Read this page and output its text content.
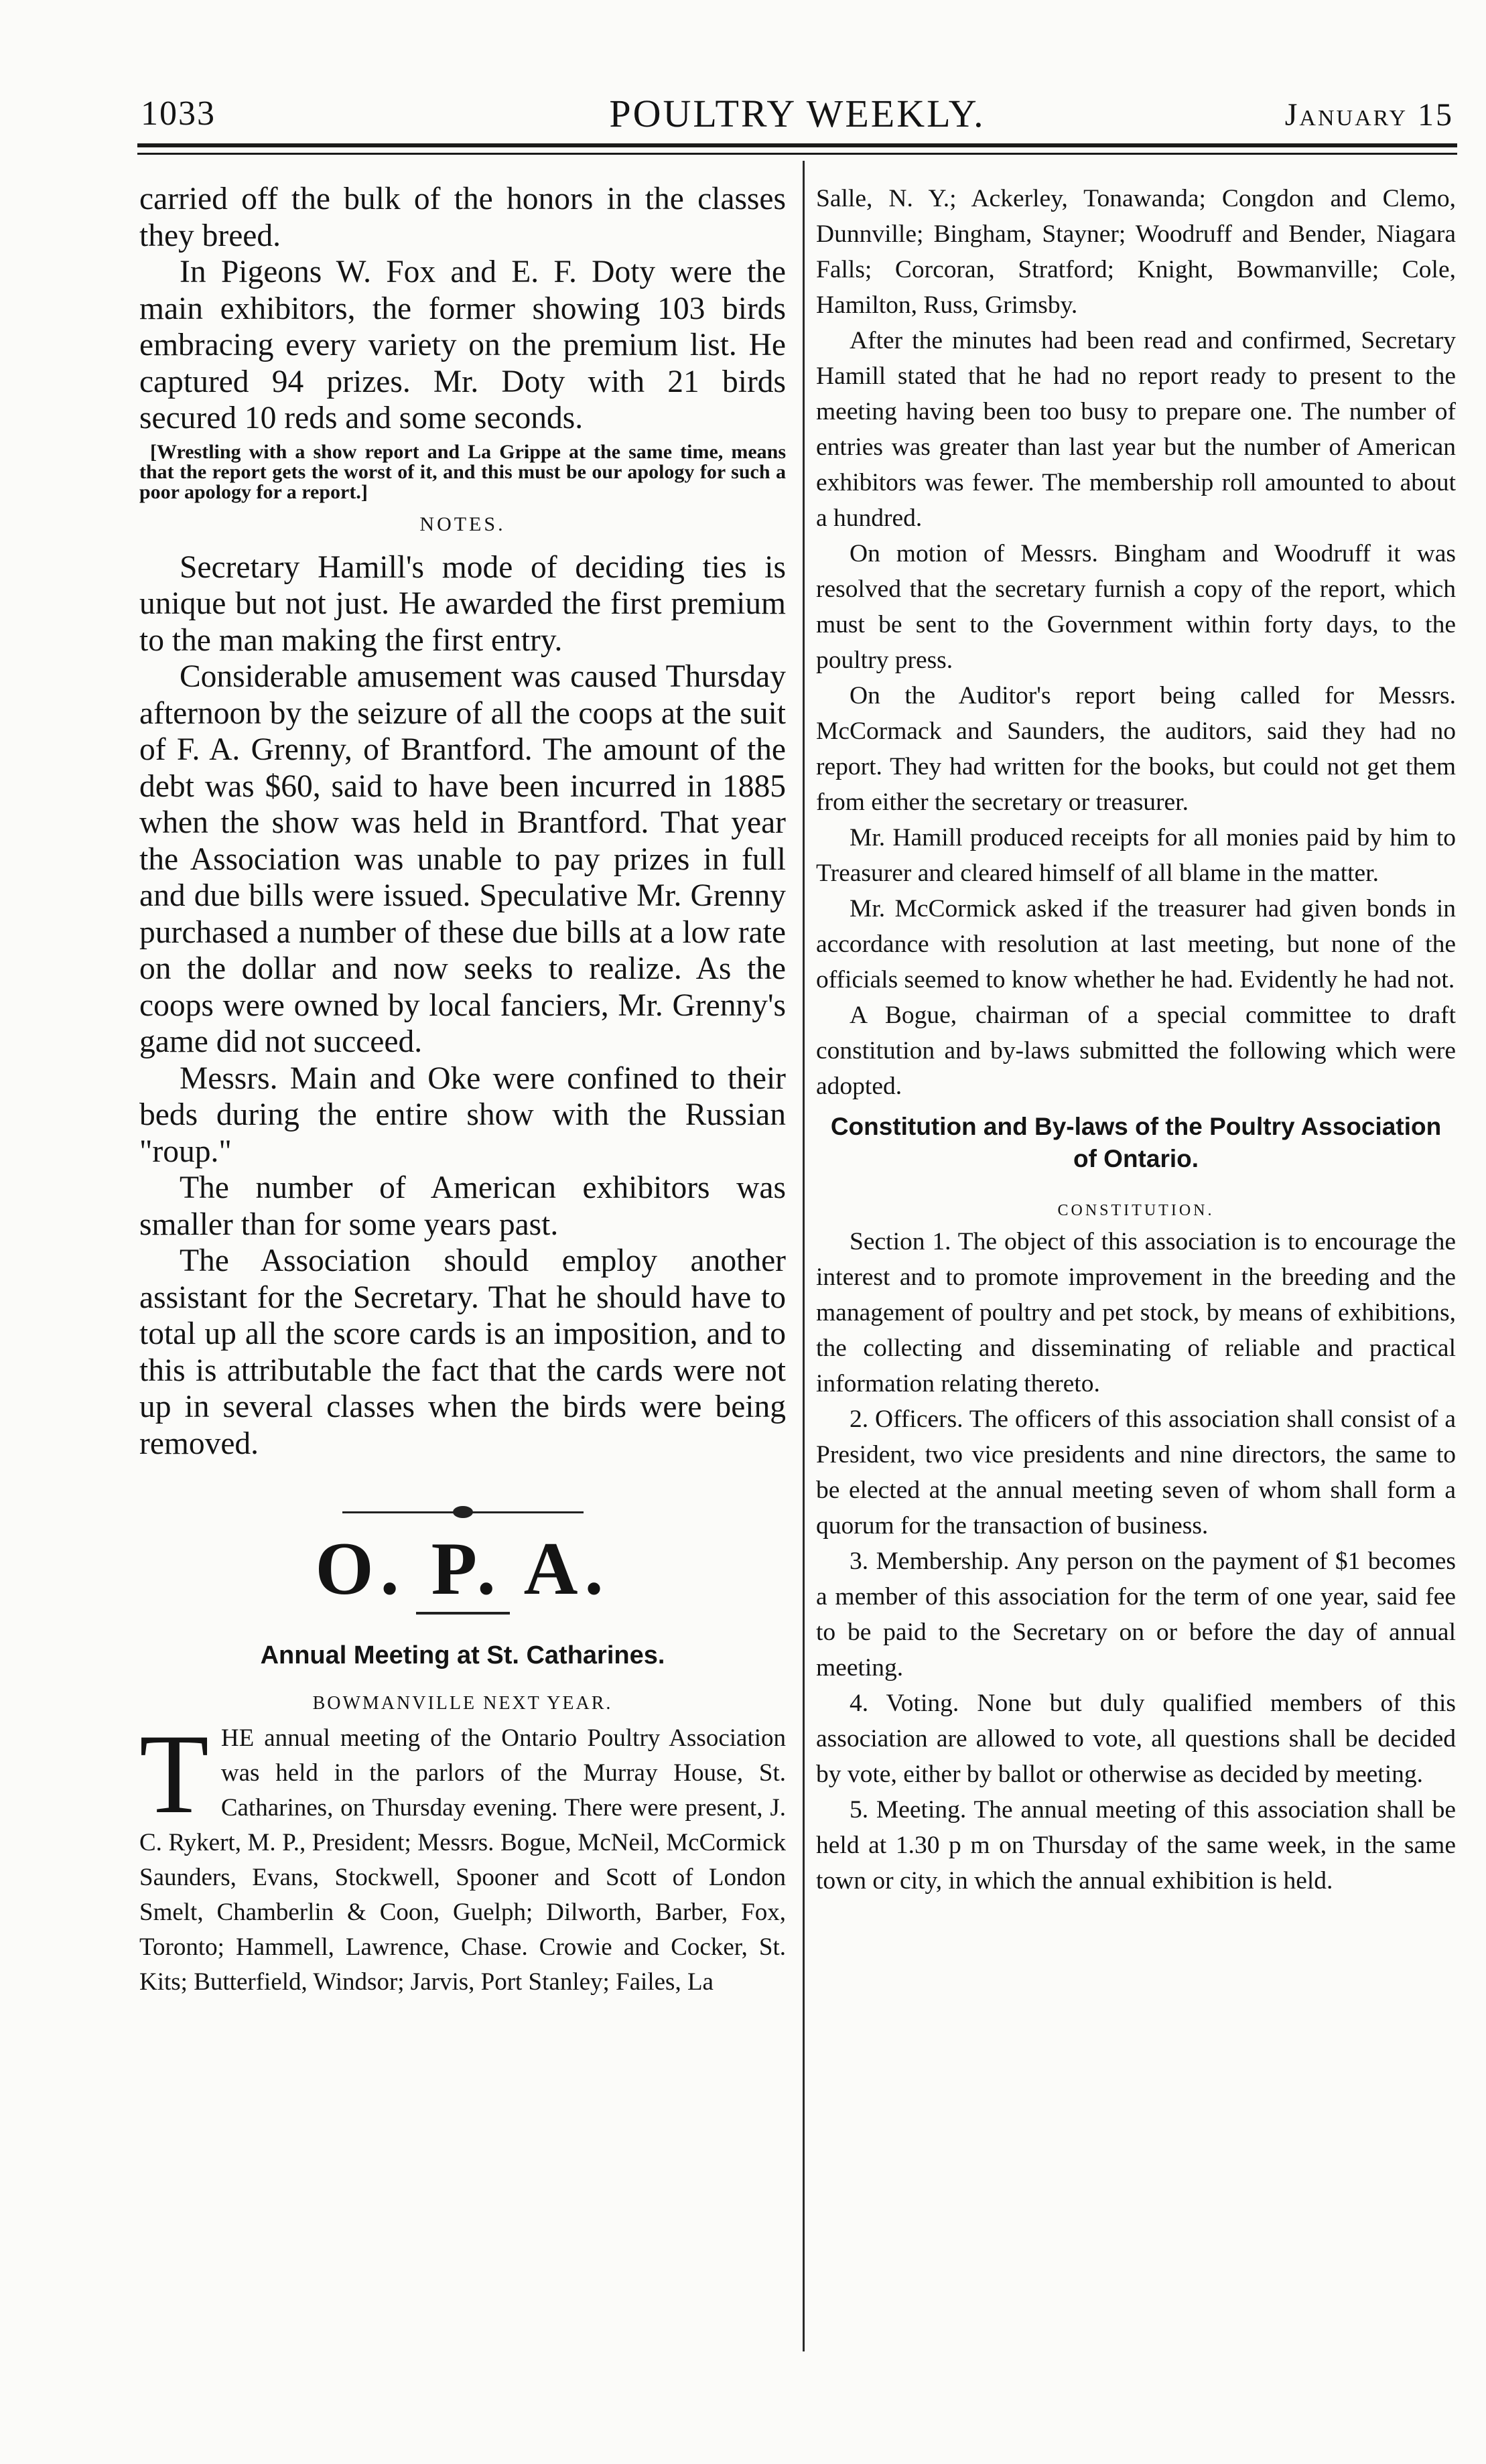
1033	POULTRY WEEKLY.	January 15

carried off the bulk of the honors in the classes they breed.

In Pigeons W. Fox and E. F. Doty were the main exhibitors, the former showing 103 birds embracing every variety on the premium list. He captured 94 prizes. Mr. Doty with 21 birds secured 10 reds and some seconds.

[Wrestling with a show report and La Grippe at the same time, means that the report gets the worst of it, and this must be our apology for such a poor apology for a report.]

NOTES.

Secretary Hamill's mode of deciding ties is unique but not just. He awarded the first premium to the man making the first entry.

Considerable amusement was caused Thursday afternoon by the seizure of all the coops at the suit of F. A. Grenny, of Brantford. The amount of the debt was $60, said to have been incurred in 1885 when the show was held in Brantford. That year the Association was unable to pay prizes in full and due bills were issued. Speculative Mr. Grenny purchased a number of these due bills at a low rate on the dollar and now seeks to realize. As the coops were owned by local fanciers, Mr. Grenny's game did not succeed.

Messrs. Main and Oke were confined to their beds during the entire show with the Russian "roup."

The number of American exhibitors was smaller than for some years past.

The Association should employ another assistant for the Secretary. That he should have to total up all the score cards is an imposition, and to this is attributable the fact that the cards were not up in several classes when the birds were being removed.

O. P. A.
Annual Meeting at St. Catharines.
BOWMANVILLE NEXT YEAR.
T HE annual meeting of the Ontario Poultry Association was held in the parlors of the Murray House, St. Catharines, on Thursday evening. There were present, J. C. Rykert, M. P., President; Messrs. Bogue, McNeil, McCormick Saunders, Evans, Stockwell, Spooner and Scott of London Smelt, Chamberlin & Coon, Guelph; Dilworth, Barber, Fox, Toronto; Hammell, Lawrence, Chase. Crowie and Cocker, St. Kits; Butterfield, Windsor; Jarvis, Port Stanley; Failes, La

Salle, N. Y.; Ackerley, Tonawanda; Congdon and Clemo, Dunnville; Bingham, Stayner; Woodruff and Bender, Niagara Falls; Corcoran, Stratford; Knight, Bowmanville; Cole, Hamilton, Russ, Grimsby.

After the minutes had been read and confirmed, Secretary Hamill stated that he had no report ready to present to the meeting having been too busy to prepare one. The number of entries was greater than last year but the number of American exhibitors was fewer. The membership roll amounted to about a hundred.

On motion of Messrs. Bingham and Woodruff it was resolved that the secretary furnish a copy of the report, which must be sent to the Government within forty days, to the poultry press.

On the Auditor's report being called for Messrs. McCormack and Saunders, the auditors, said they had no report. They had written for the books, but could not get them from either the secretary or treasurer.

Mr. Hamill produced receipts for all monies paid by him to Treasurer and cleared himself of all blame in the matter.

Mr. McCormick asked if the treasurer had given bonds in accordance with resolution at last meeting, but none of the officials seemed to know whether he had. Evidently he had not.

A Bogue, chairman of a special committee to draft constitution and by-laws submitted the following which were adopted.

Constitution and By-laws of the Poultry Association of Ontario.
CONSTITUTION.

Section 1. The object of this association is to encourage the interest and to promote improvement in the breeding and the management of poultry and pet stock, by means of exhibitions, the collecting and disseminating of reliable and practical information relating thereto.

2. Officers. The officers of this association shall consist of a President, two vice presidents and nine directors, the same to be elected at the annual meeting seven of whom shall form a quorum for the transaction of business.

3. Membership. Any person on the payment of $1 becomes a member of this association for the term of one year, said fee to be paid to the Secretary on or before the day of annual meeting.

4. Voting. None but duly qualified members of this association are allowed to vote, all questions shall be decided by vote, either by ballot or otherwise as decided by meeting.

5. Meeting. The annual meeting of this association shall be held at 1.30 p m on Thursday of the same week, in the same town or city, in which the annual exhibition is held.
